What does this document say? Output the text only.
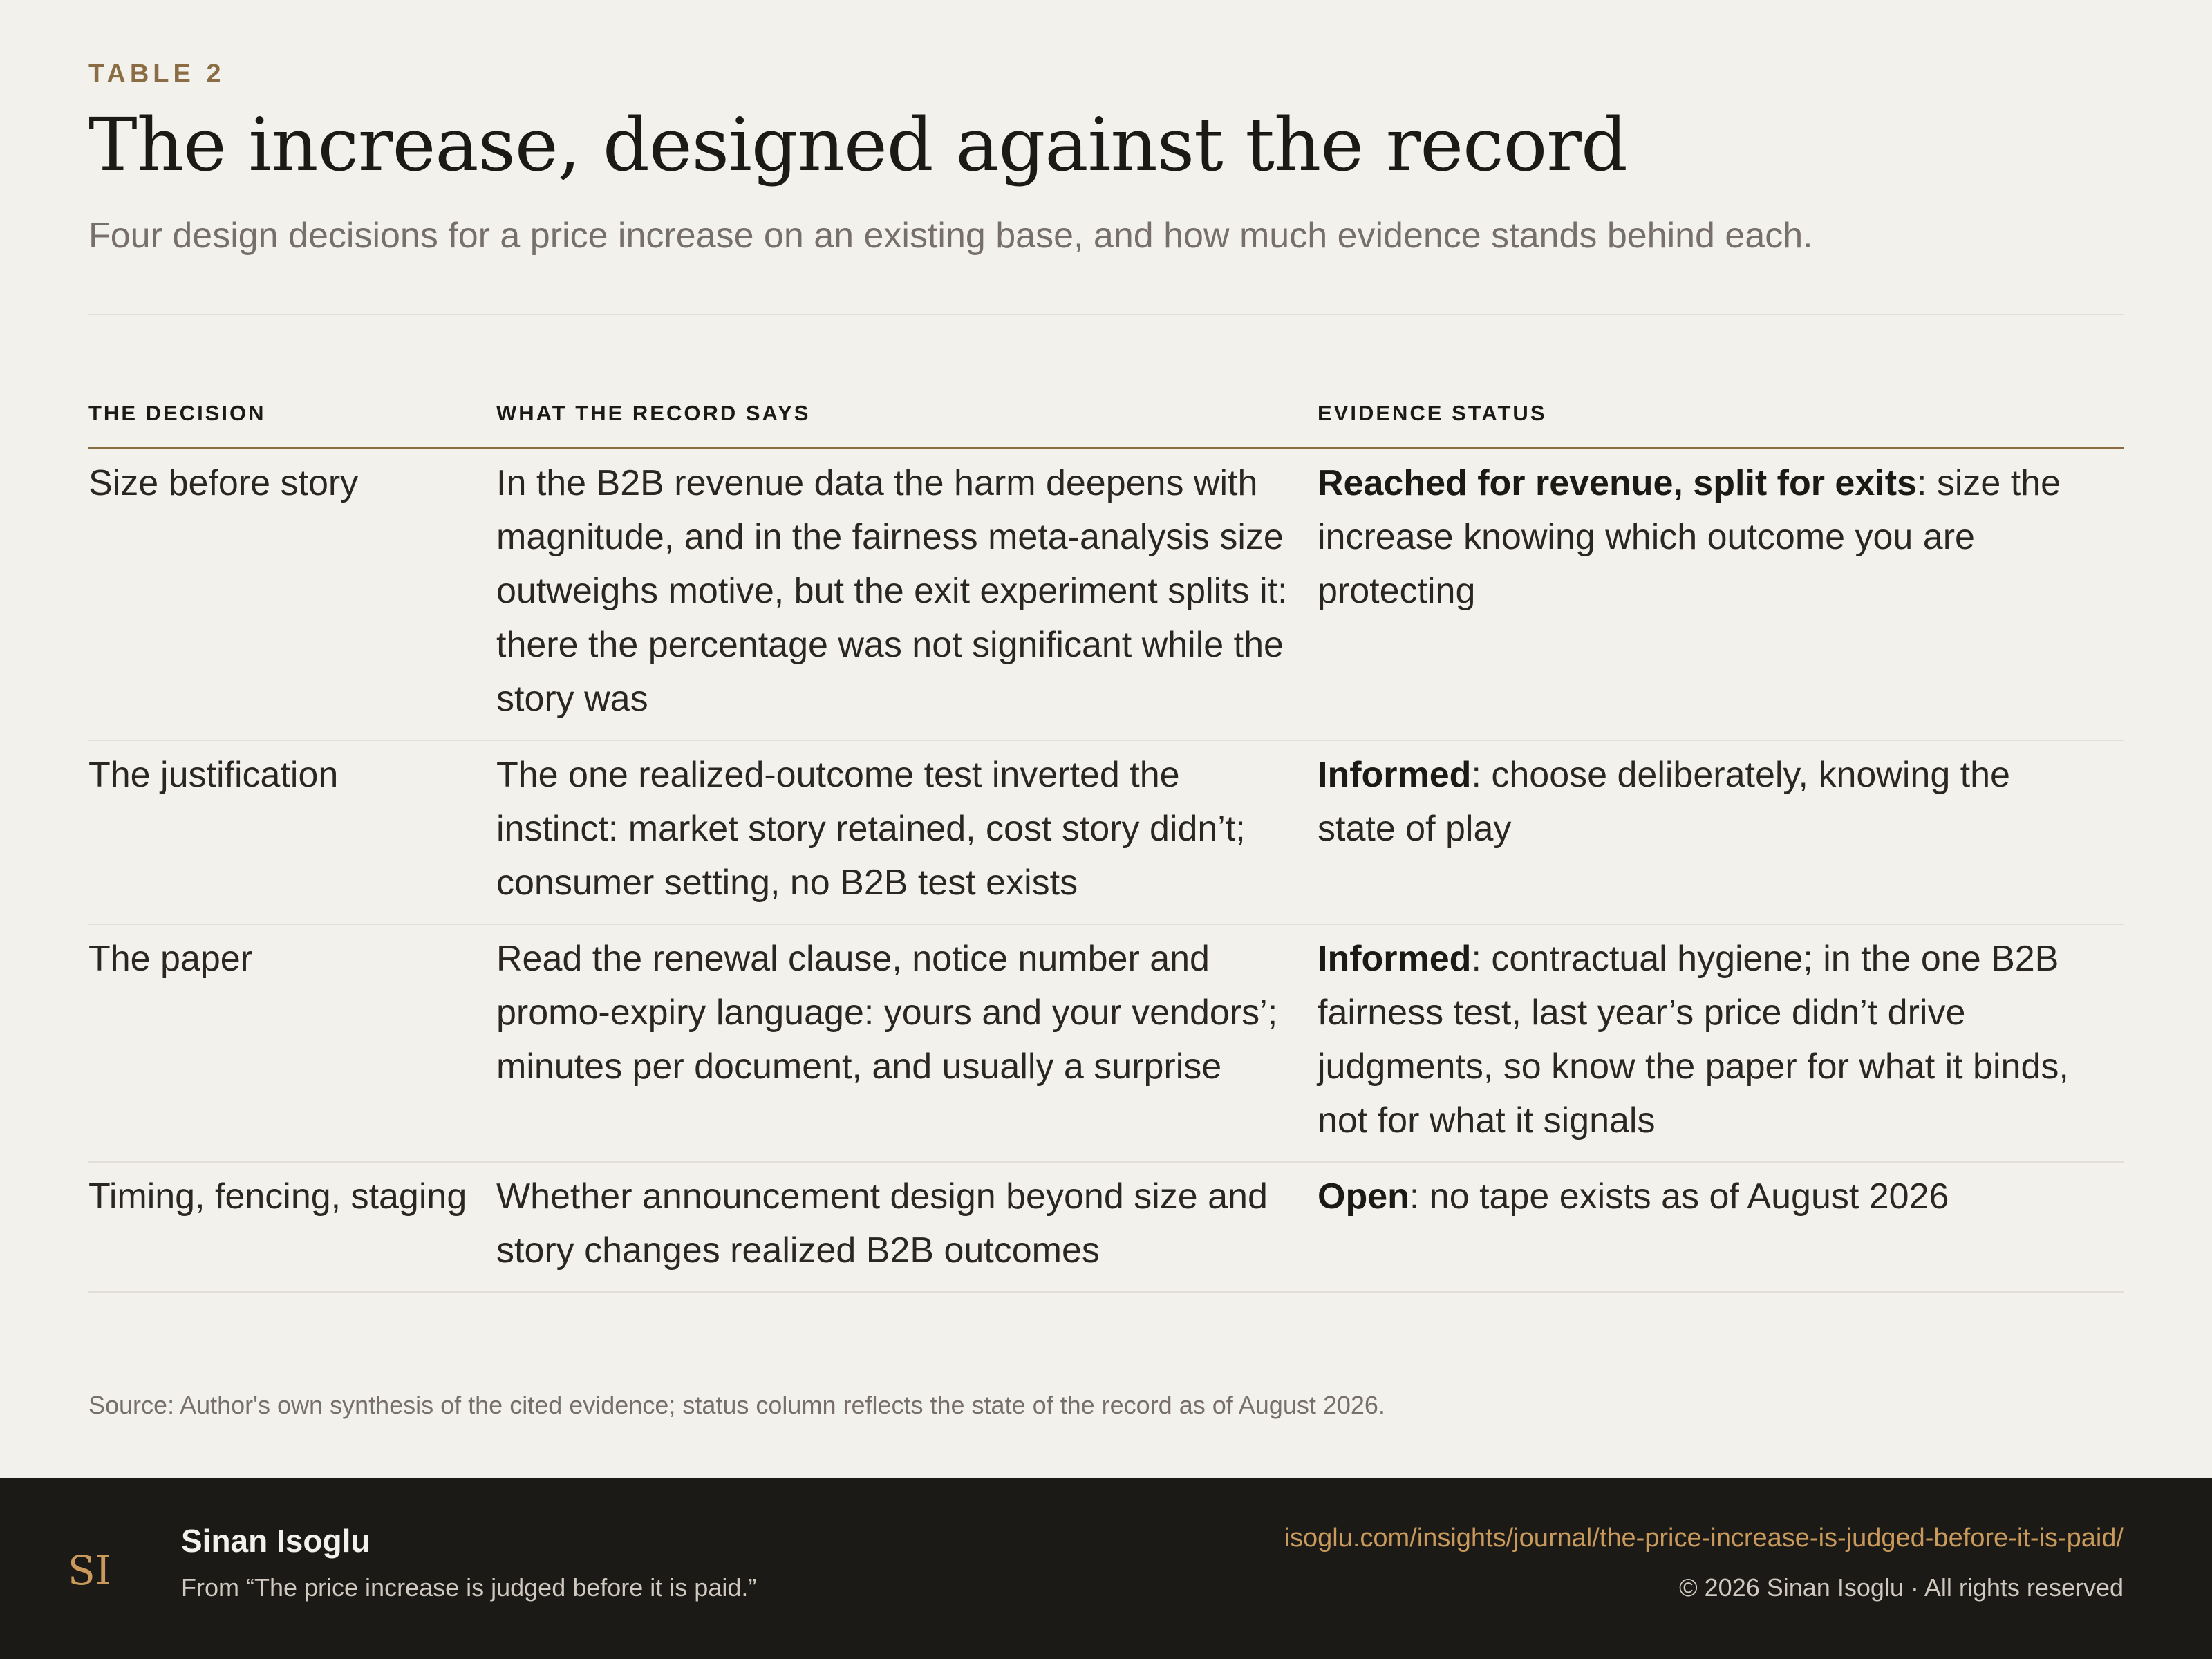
TABLE 2
The increase, designed against the record
Four design decisions for a price increase on an existing base, and how much evidence stands behind each.
THE DECISION	WHAT THE RECORD SAYS	EVIDENCE STATUS
Size before story	In the B2B revenue data the harm deepens with magnitude, and in the fairness meta-analysis size outweighs motive, but the exit experiment splits it: there the percentage was not significant while the story was	Reached for revenue, split for exits: size the increase knowing which outcome you are protecting
The justification	The one realized-outcome test inverted the instinct: market story retained, cost story didn’t; consumer setting, no B2B test exists	Informed: choose deliberately, knowing the state of play
The paper	Read the renewal clause, notice number and promo-expiry language: yours and your vendors’; minutes per document, and usually a surprise	Informed: contractual hygiene; in the one B2B fairness test, last year’s price didn’t drive judgments, so know the paper for what it binds, not for what it signals
Timing, fencing, staging	Whether announcement design beyond size and story changes realized B2B outcomes	Open: no tape exists as of August 2026
Source: Author's own synthesis of the cited evidence; status column reflects the state of the record as of August 2026.
SI
Sinan Isoglu
From “The price increase is judged before it is paid.”
isoglu.com/insights/journal/the-price-increase-is-judged-before-it-is-paid/
© 2026 Sinan Isoglu · All rights reserved
